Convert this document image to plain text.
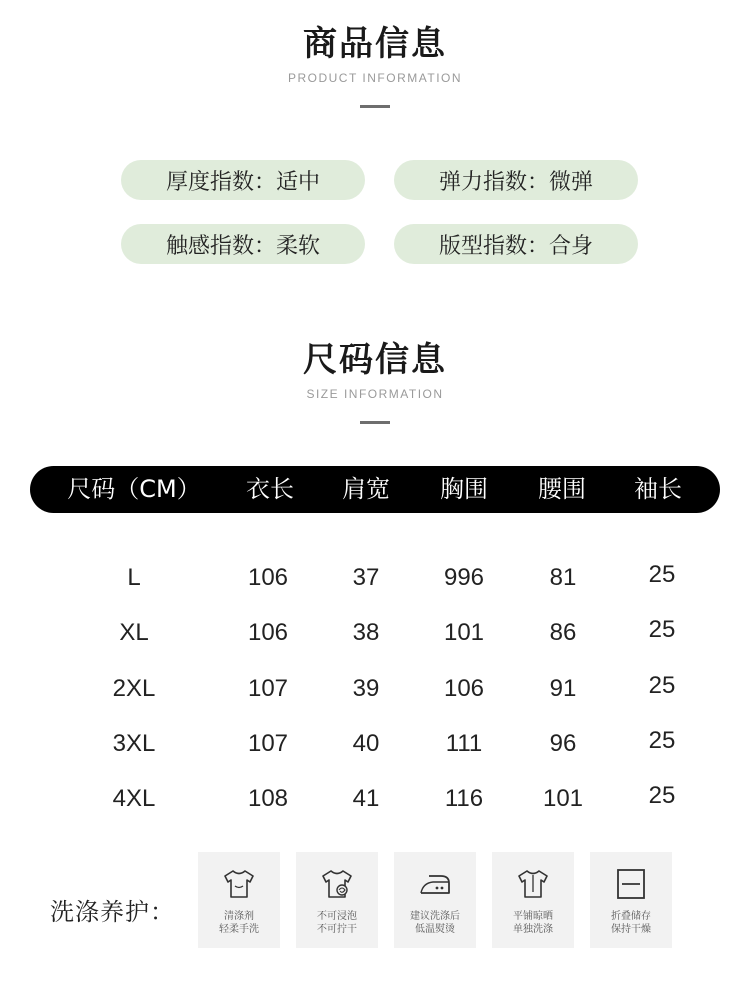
商品信息
PRODUCT INFORMATION
厚度指数：适中	弹力指数：微弹
触感指数：柔软	版型指数：合身
尺码信息
SIZE INFORMATION
尺码（CM） 衣长 肩宽 胸围 腰围 袖长
L	106	37	996	81	25
XL	106	38	101	86	25
2XL	107	39	106	91	25
3XL	107	40	111	96	25
4XL	108	41	116 101	25
洗涤养护：	清涤剂
轻柔手洗
不可浸泡
不可拧干
建议洗涤后
低温熨烫
平铺晾晒
单独洗涤
折叠储存
保持干燥
